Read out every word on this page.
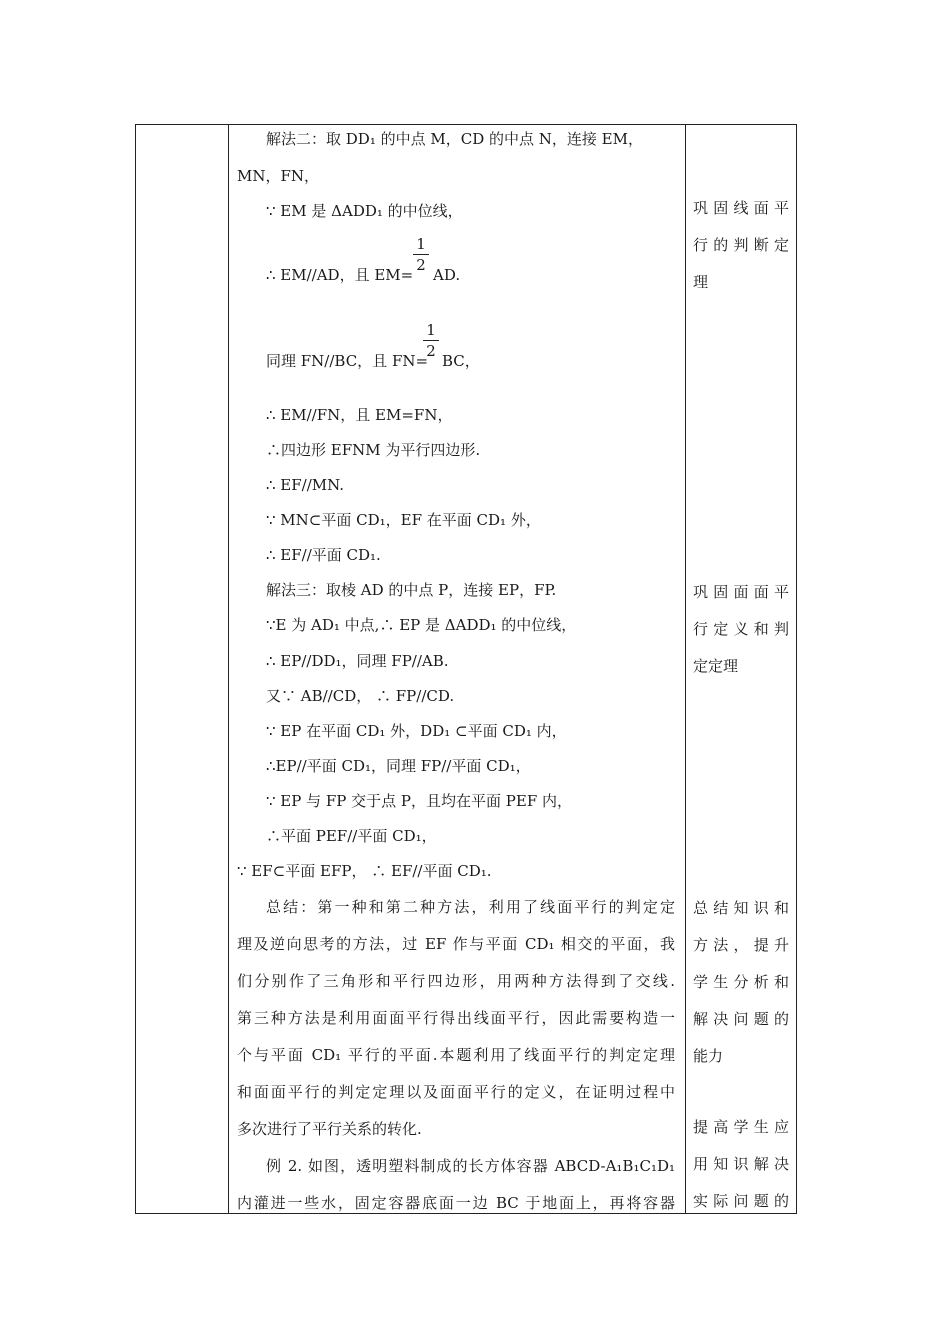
解法二：取 DD₁ 的中点 M，CD 的中点 N，连接 EM，
MN，FN，
∵ EM 是 ΔADD₁ 的中位线，
1
2
∴ EM//AD，且 EM= AD.
1
2
同理 FN//BC，且 FN= BC，
∴ EM//FN，且 EM=FN，
∴四边形 EFNM 为平行四边形.
∴ EF//MN.
∵ MN⊂平面 CD₁，EF 在平面 CD₁ 外，
∴ EF//平面 CD₁.
解法三：取棱 AD 的中点 P，连接 EP，FP.
∵E 为 AD₁ 中点,∴ EP 是 ΔADD₁ 的中位线，
∴ EP//DD₁，同理 FP//AB.
又∵ AB//CD， ∴ FP//CD.
∵ EP 在平面 CD₁ 外，DD₁ ⊂平面 CD₁ 内，
∴EP//平面 CD₁，同理 FP//平面 CD₁，
∵ EP 与 FP 交于点 P，且均在平面 PEF 内，
∴平面 PEF//平面 CD₁，
∵ EF⊂平面 EFP， ∴ EF//平面 CD₁.
总结：第一种和第二种方法，利用了线面平行的判定定
理及逆向思考的方法，过 EF 作与平面 CD₁ 相交的平面，我
们分别作了三角形和平行四边形，用两种方法得到了交线.
第三种方法是利用面面平行得出线面平行，因此需要构造一
个与平面 CD₁ 平行的平面.本题利用了线面平行的判定定理
和面面平行的判定定理以及面面平行的定义，在证明过程中
多次进行了平行关系的转化.
例 2. 如图，透明塑料制成的长方体容器 ABCD-A₁B₁C₁D₁
内灌进一些水，固定容器底面一边 BC 于地面上，再将容器
巩固线面平
行的判断定
理
巩固面面平
行定义和判
定定理
总结知识和
方法，提升
学生分析和
解决问题的
能力
提高学生应
用知识解决
实际问题的
